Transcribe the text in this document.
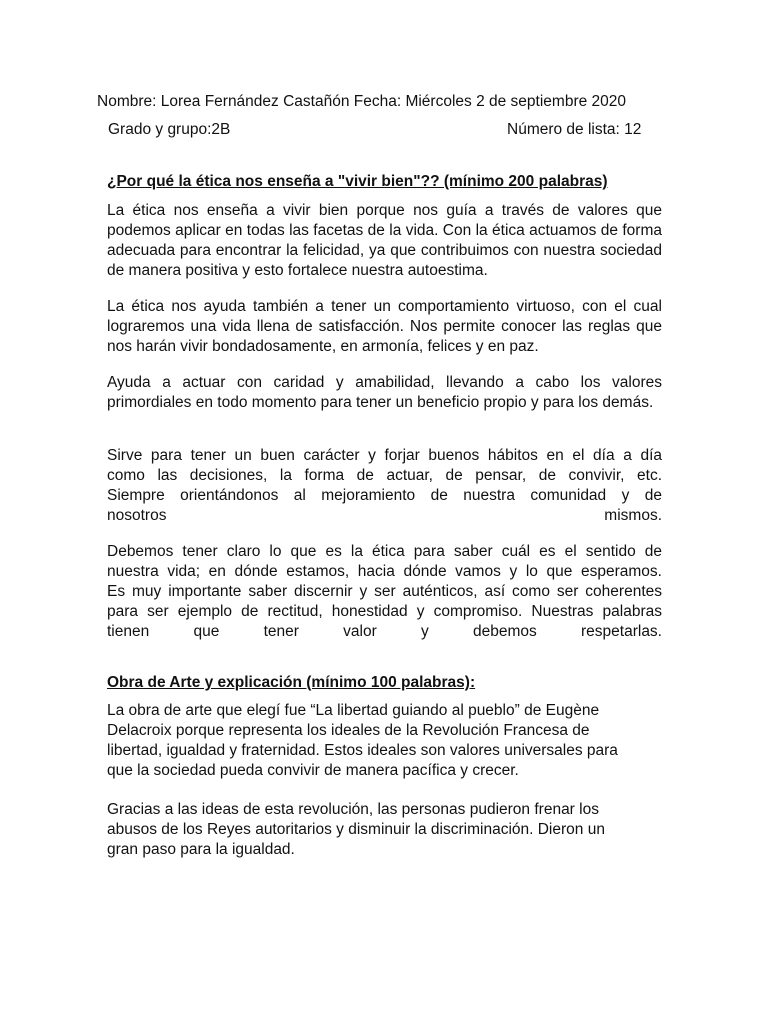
Nombre: Lorea Fernández Castañón Fecha: Miércoles 2 de septiembre 2020
Grado y grupo:2B	Número de lista: 12
¿Por qué la ética nos enseña a "vivir bien"?? (mínimo 200 palabras)

La ética nos enseña a vivir bien porque nos guía a través de valores que podemos aplicar en todas las facetas de la vida. Con la ética actuamos de forma adecuada para encontrar la felicidad, ya que contribuimos con nuestra sociedad de manera positiva y esto fortalece nuestra autoestima.

La ética nos ayuda también a tener un comportamiento virtuoso, con el cual lograremos una vida llena de satisfacción. Nos permite conocer las reglas que nos harán vivir bondadosamente, en armonía, felices y en paz.

Ayuda a actuar con caridad y amabilidad, llevando a cabo los valores primordiales en todo momento para tener un beneficio propio y para los demás.

Sirve para tener un buen carácter y forjar buenos hábitos en el día a día
como las decisiones, la forma de actuar, de pensar, de convivir, etc.
Siempre orientándonos al mejoramiento de nuestra comunidad y de
nosotros mismos.
Debemos tener claro lo que es la ética para saber cuál es el sentido de
nuestra vida; en dónde estamos, hacia dónde vamos y lo que esperamos.
Es muy importante saber discernir y ser auténticos, así como ser coherentes
para ser ejemplo de rectitud, honestidad y compromiso. Nuestras palabras
tienen que tener valor y debemos respetarlas.
Obra de Arte y explicación (mínimo 100 palabras):
La obra de arte que elegí fue “La libertad guiando al pueblo” de Eugène
Delacroix porque representa los ideales de la Revolución Francesa de
libertad, igualdad y fraternidad. Estos ideales son valores universales para
que la sociedad pueda convivir de manera pacífica y crecer.
Gracias a las ideas de esta revolución, las personas pudieron frenar los
abusos de los Reyes autoritarios y disminuir la discriminación. Dieron un
gran paso para la igualdad.
